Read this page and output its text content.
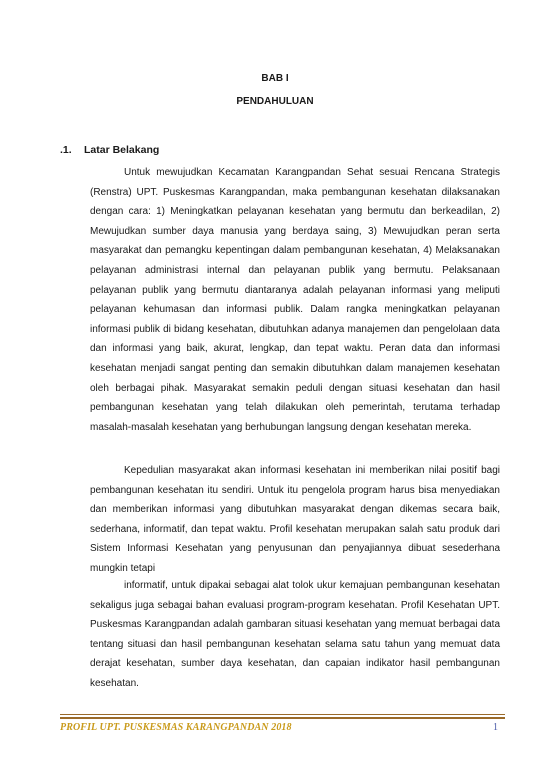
BAB I
PENDAHULUAN
.1. Latar Belakang

Untuk mewujudkan Kecamatan Karangpandan Sehat sesuai Rencana Strategis (Renstra) UPT. Puskesmas Karangpandan, maka pembangunan kesehatan dilaksanakan dengan cara: 1) Meningkatkan pelayanan kesehatan yang bermutu dan berkeadilan, 2) Mewujudkan sumber daya manusia yang berdaya saing, 3) Mewujudkan peran serta masyarakat dan pemangku kepentingan dalam pembangunan kesehatan, 4) Melaksanakan pelayanan administrasi internal dan pelayanan publik yang bermutu. Pelaksanaan pelayanan publik yang bermutu diantaranya adalah pelayanan informasi yang meliputi pelayanan kehumasan dan informasi publik. Dalam rangka meningkatkan pelayanan informasi publik di bidang kesehatan, dibutuhkan adanya manajemen dan pengelolaan data dan informasi yang baik, akurat, lengkap, dan tepat waktu. Peran data dan informasi kesehatan menjadi sangat penting dan semakin dibutuhkan dalam manajemen kesehatan oleh berbagai pihak. Masyarakat semakin peduli dengan situasi kesehatan dan hasil pembangunan kesehatan yang telah dilakukan oleh pemerintah, terutama terhadap masalah-masalah kesehatan yang berhubungan langsung dengan kesehatan mereka.

Kepedulian masyarakat akan informasi kesehatan ini memberikan nilai positif bagi pembangunan kesehatan itu sendiri. Untuk itu pengelola program harus bisa menyediakan dan memberikan informasi yang dibutuhkan masyarakat dengan dikemas secara baik, sederhana, informatif, dan tepat waktu. Profil kesehatan merupakan salah satu produk dari Sistem Informasi Kesehatan yang penyusunan dan penyajiannya dibuat sesederhana mungkin tetapi

informatif, untuk dipakai sebagai alat tolok ukur kemajuan pembangunan kesehatan sekaligus juga sebagai bahan evaluasi program-program kesehatan. Profil Kesehatan UPT. Puskesmas Karangpandan adalah gambaran situasi kesehatan yang memuat berbagai data tentang situasi dan hasil pembangunan kesehatan selama satu tahun yang memuat data derajat kesehatan, sumber daya kesehatan, dan capaian indikator hasil pembangunan kesehatan.

PROFIL UPT. PUSKESMAS KARANGPANDAN 2018	1
